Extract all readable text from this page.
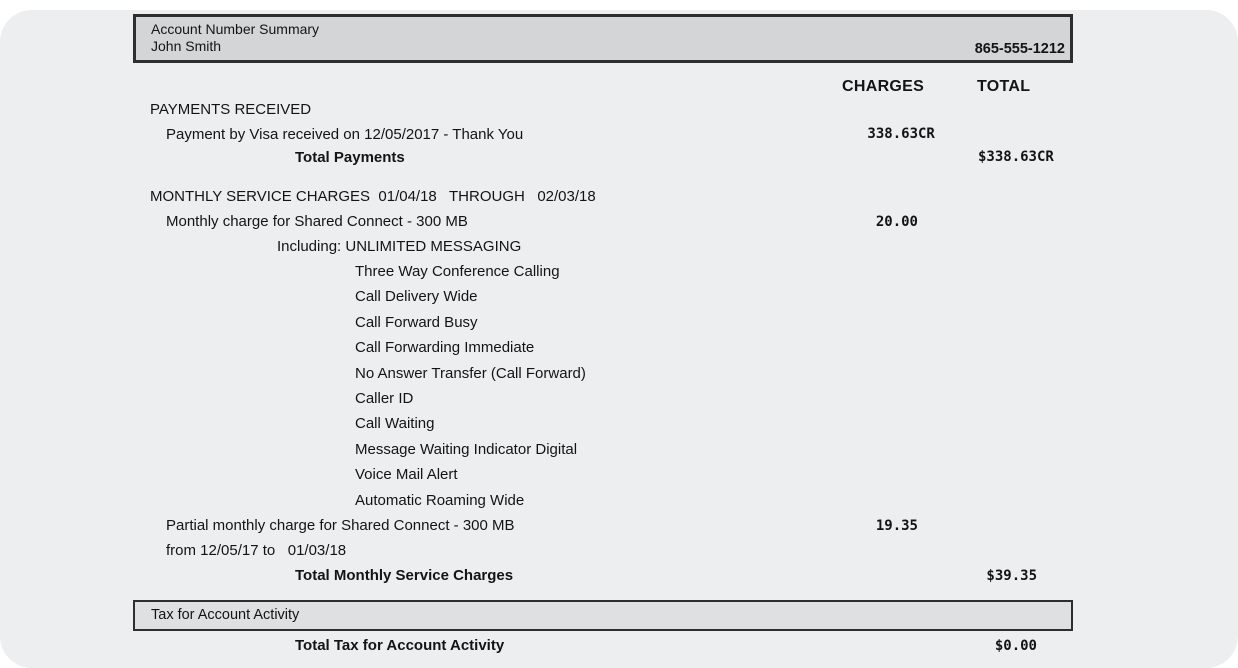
Account Number Summary
John Smith	865-555-1212
CHARGES	TOTAL
PAYMENTS RECEIVED
Payment by Visa received on 12/05/2017 - Thank You	338.63 CR
Total Payments	$338.63 CR
MONTHLY SERVICE CHARGES  01/04/18   THROUGH   02/03/18
Monthly charge for Shared Connect - 300 MB	20.00
Including: UNLIMITED MESSAGING
Three Way Conference Calling
Call Delivery Wide
Call Forward Busy
Call Forwarding Immediate
No Answer Transfer (Call Forward)
Caller ID
Call Waiting
Message Waiting Indicator Digital
Voice Mail Alert
Automatic Roaming Wide
Partial monthly charge for Shared Connect - 300 MB	19.35
from 12/05/17 to   01/03/18
Total Monthly Service Charges	$39.35
Tax for Account Activity
Total Tax for Account Activity	$0.00
